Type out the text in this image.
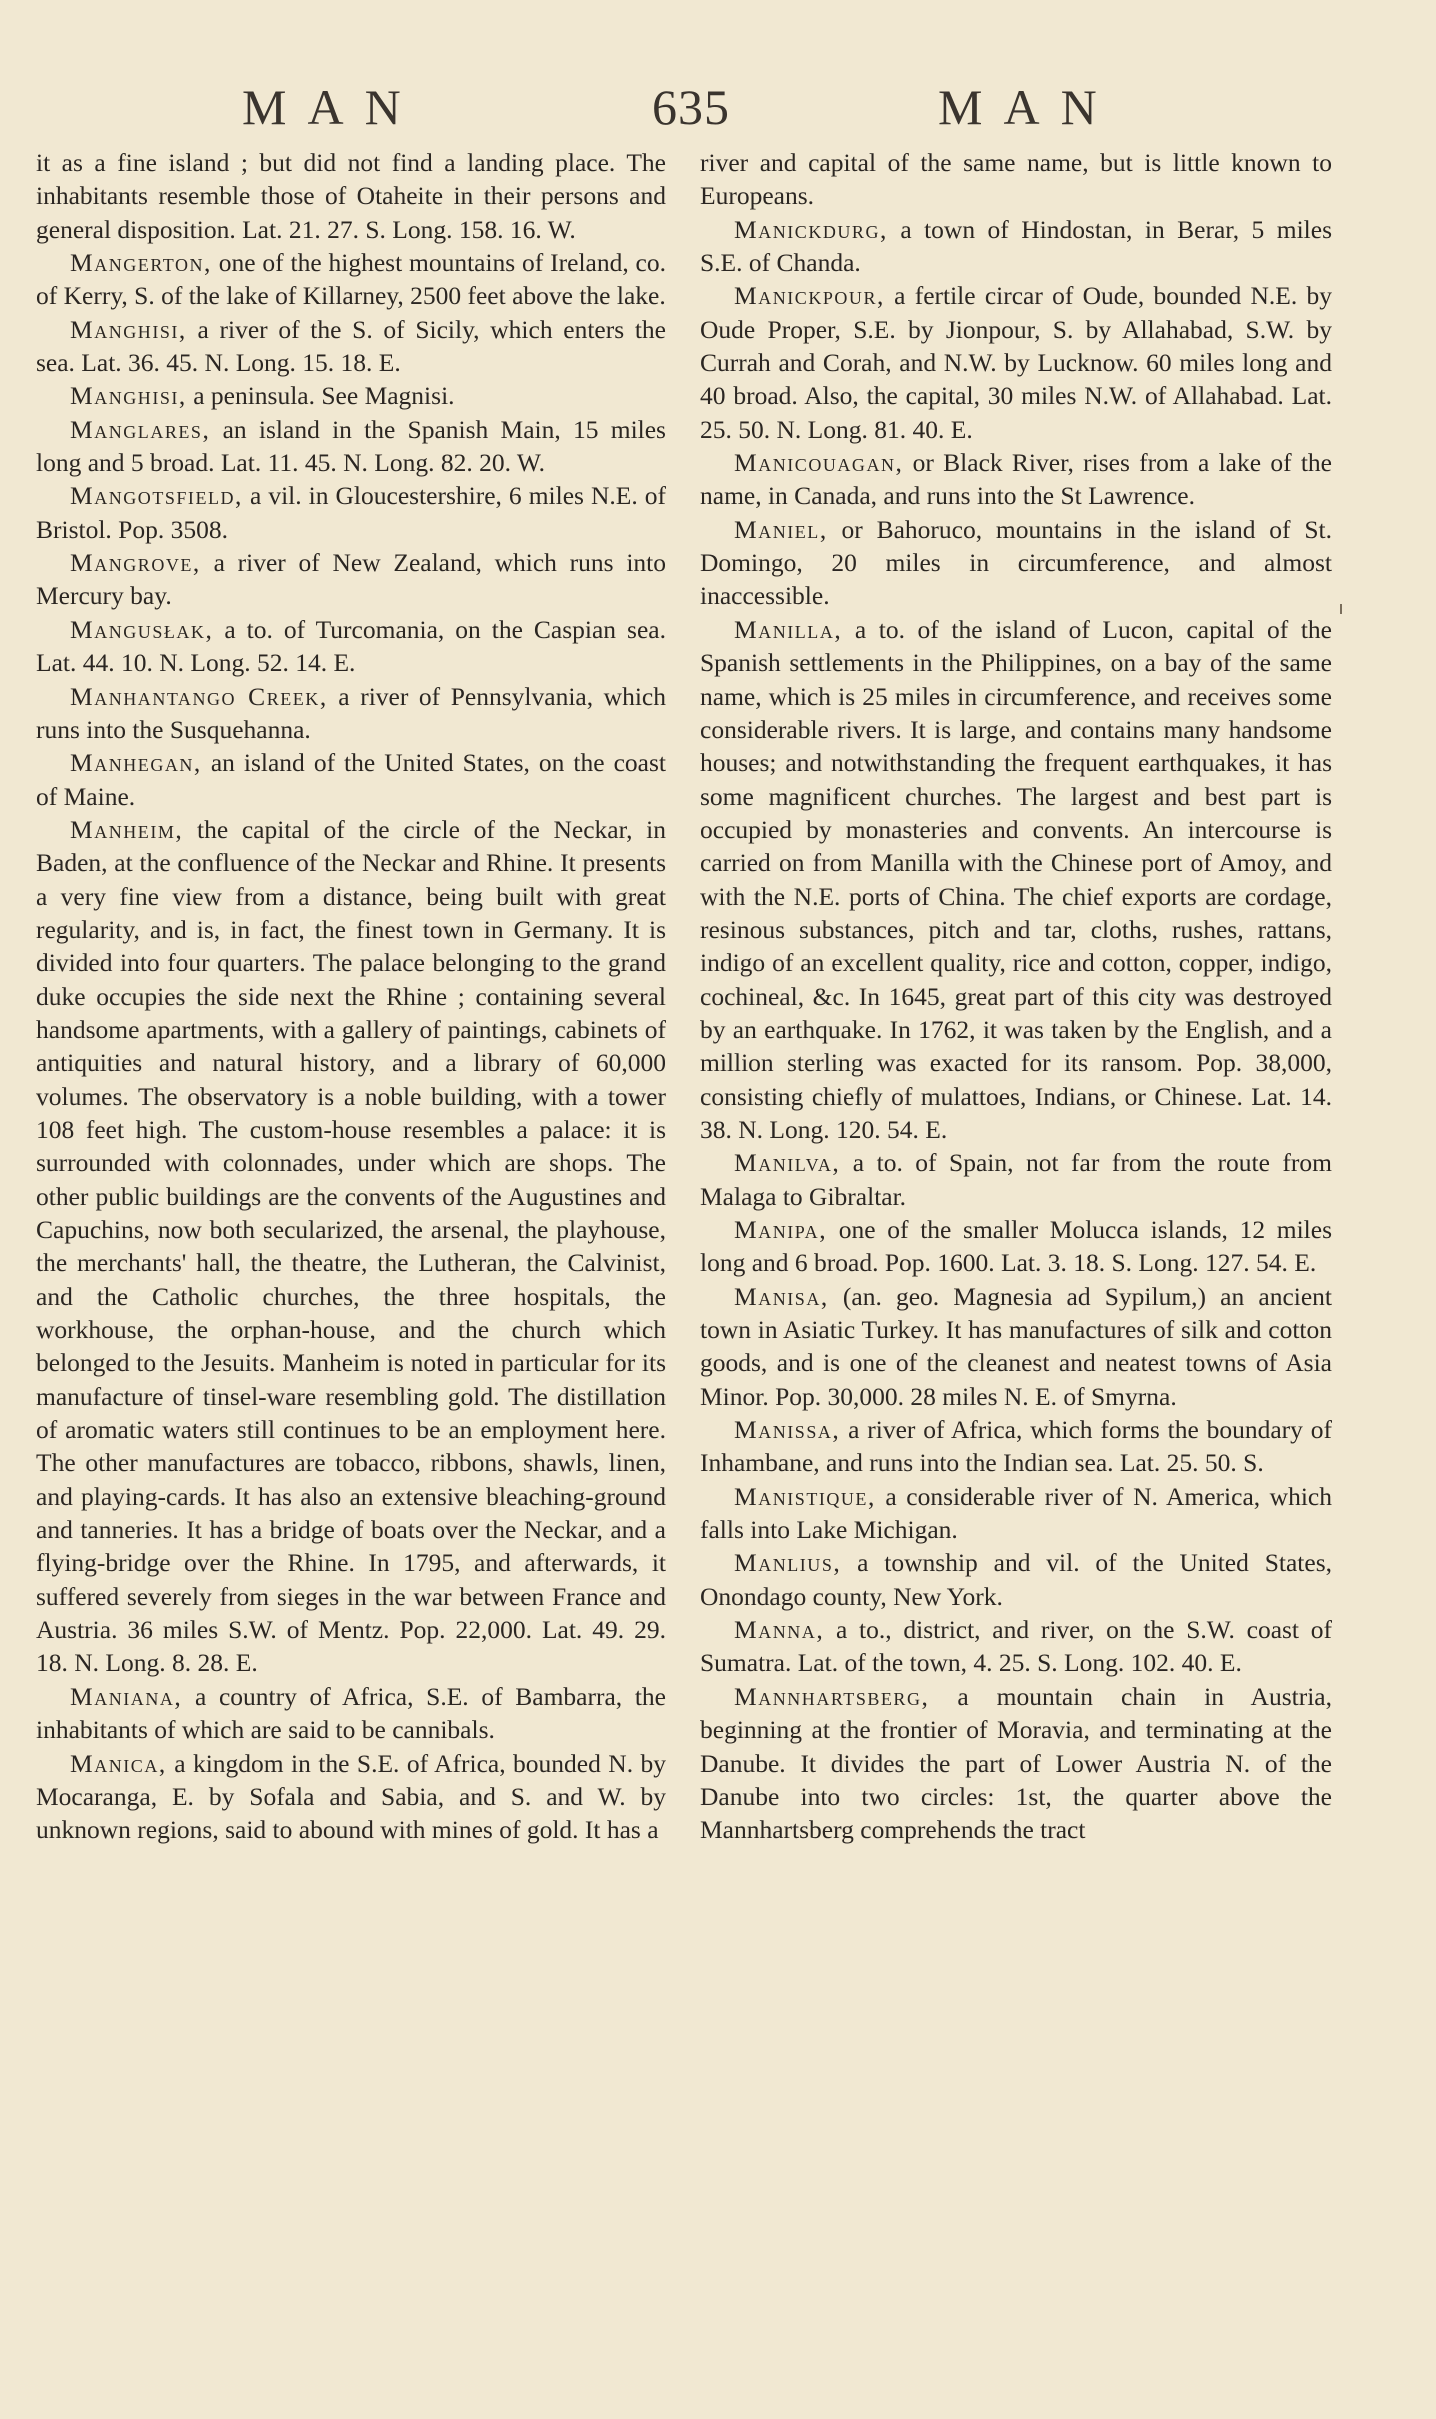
MAN	635	MAN

it as a fine island ; but did not find a landing place. The inhabitants resemble those of Otaheite in their persons and general disposition. Lat. 21. 27. S. Long. 158. 16. W.

Mangerton, one of the highest mountains of Ireland, co. of Kerry, S. of the lake of Killarney, 2500 feet above the lake.

Manghisi, a river of the S. of Sicily, which enters the sea. Lat. 36. 45. N. Long. 15. 18. E.

Manghisi, a peninsula. See Magnisi.

Manglares, an island in the Spanish Main, 15 miles long and 5 broad. Lat. 11. 45. N. Long. 82. 20. W.

Mangotsfield, a vil. in Gloucestershire, 6 miles N.E. of Bristol. Pop. 3508.

Mangrove, a river of New Zealand, which runs into Mercury bay.

Mangusłak, a to. of Turcomania, on the Caspian sea. Lat. 44. 10. N. Long. 52. 14. E.

Manhantango Creek, a river of Pennsylvania, which runs into the Susquehanna.

Manhegan, an island of the United States, on the coast of Maine.

Manheim, the capital of the circle of the Neckar, in Baden, at the confluence of the Neckar and Rhine. It presents a very fine view from a distance, being built with great regularity, and is, in fact, the finest town in Germany. It is divided into four quarters. The palace belonging to the grand duke occupies the side next the Rhine ; containing several handsome apartments, with a gallery of paintings, cabinets of antiquities and natural history, and a library of 60,000 volumes. The observatory is a noble building, with a tower 108 feet high. The custom-house resembles a palace: it is surrounded with colonnades, under which are shops. The other public buildings are the convents of the Augustines and Capuchins, now both secularized, the arsenal, the playhouse, the merchants' hall, the theatre, the Lutheran, the Calvinist, and the Catholic churches, the three hospitals, the workhouse, the orphan-house, and the church which belonged to the Jesuits. Manheim is noted in particular for its manufacture of tinsel-ware resembling gold. The distillation of aromatic waters still continues to be an employment here. The other manufactures are tobacco, ribbons, shawls, linen, and playing-cards. It has also an extensive bleaching-ground and tanneries. It has a bridge of boats over the Neckar, and a flying-bridge over the Rhine. In 1795, and afterwards, it suffered severely from sieges in the war between France and Austria. 36 miles S.W. of Mentz. Pop. 22,000. Lat. 49. 29. 18. N. Long. 8. 28. E.

Maniana, a country of Africa, S.E. of Bambarra, the inhabitants of which are said to be cannibals.

Manica, a kingdom in the S.E. of Africa, bounded N. by Mocaranga, E. by Sofala and Sabia, and S. and W. by unknown regions, said to abound with mines of gold. It has a

river and capital of the same name, but is little known to Europeans.

Manickdurg, a town of Hindostan, in Berar, 5 miles S.E. of Chanda.

Manickpour, a fertile circar of Oude, bounded N.E. by Oude Proper, S.E. by Jionpour, S. by Allahabad, S.W. by Currah and Corah, and N.W. by Lucknow. 60 miles long and 40 broad. Also, the capital, 30 miles N.W. of Allahabad. Lat. 25. 50. N. Long. 81. 40. E.

Manicouagan, or Black River, rises from a lake of the name, in Canada, and runs into the St Lawrence.

Maniel, or Bahoruco, mountains in the island of St. Domingo, 20 miles in circumference, and almost inaccessible.

Manilla, a to. of the island of Lucon, capital of the Spanish settlements in the Philippines, on a bay of the same name, which is 25 miles in circumference, and receives some considerable rivers. It is large, and contains many handsome houses; and notwithstanding the frequent earthquakes, it has some magnificent churches. The largest and best part is occupied by monasteries and convents. An intercourse is carried on from Manilla with the Chinese port of Amoy, and with the N.E. ports of China. The chief exports are cordage, resinous substances, pitch and tar, cloths, rushes, rattans, indigo of an excellent quality, rice and cotton, copper, indigo, cochineal, &c. In 1645, great part of this city was destroyed by an earthquake. In 1762, it was taken by the English, and a million sterling was exacted for its ransom. Pop. 38,000, consisting chiefly of mulattoes, Indians, or Chinese. Lat. 14. 38. N. Long. 120. 54. E.

Manilva, a to. of Spain, not far from the route from Malaga to Gibraltar.

Manipa, one of the smaller Molucca islands, 12 miles long and 6 broad. Pop. 1600. Lat. 3. 18. S. Long. 127. 54. E.

Manisa, (an. geo. Magnesia ad Sypilum,) an ancient town in Asiatic Turkey. It has manufactures of silk and cotton goods, and is one of the cleanest and neatest towns of Asia Minor. Pop. 30,000. 28 miles N. E. of Smyrna.

Manissa, a river of Africa, which forms the boundary of Inhambane, and runs into the Indian sea. Lat. 25. 50. S.

Manistique, a considerable river of N. America, which falls into Lake Michigan.

Manlius, a township and vil. of the United States, Onondago county, New York.

Manna, a to., district, and river, on the S.W. coast of Sumatra. Lat. of the town, 4. 25. S. Long. 102. 40. E.

Mannhartsberg, a mountain chain in Austria, beginning at the frontier of Moravia, and terminating at the Danube. It divides the part of Lower Austria N. of the Danube into two circles: 1st, the quarter above the Mannhartsberg comprehends the tract
